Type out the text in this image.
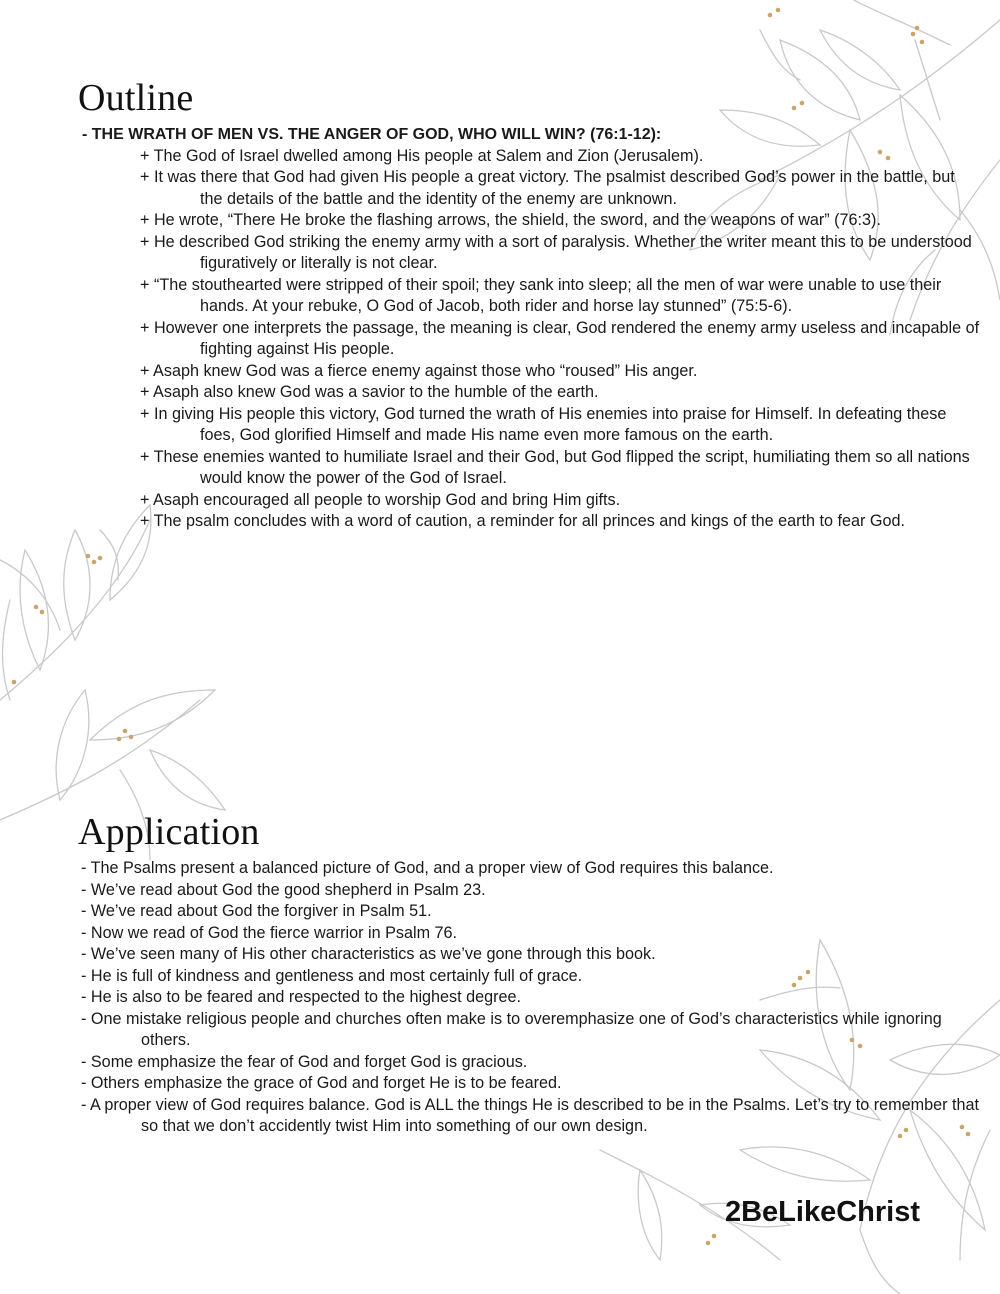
Outline
- THE WRATH OF MEN VS. THE ANGER OF GOD, WHO WILL WIN? (76:1-12):
+ The God of Israel dwelled among His people at Salem and Zion (Jerusalem).
+ It was there that God had given His people a great victory. The psalmist described God’s power in the battle, but the details of the battle and the identity of the enemy are unknown.
+ He wrote, “There He broke the flashing arrows, the shield, the sword, and the weapons of war” (76:3).
+ He described God striking the enemy army with a sort of paralysis. Whether the writer meant this to be understood figuratively or literally is not clear.
+ “The stouthearted were stripped of their spoil; they sank into sleep; all the men of war were unable to use their hands. At your rebuke, O God of Jacob, both rider and horse lay stunned” (75:5-6).
+ However one interprets the passage, the meaning is clear, God rendered the enemy army useless and incapable of fighting against His people.
+ Asaph knew God was a fierce enemy against those who “roused” His anger.
+ Asaph also knew God was a savior to the humble of the earth.
+ In giving His people this victory, God turned the wrath of His enemies into praise for Himself. In defeating these foes, God glorified Himself and made His name even more famous on the earth.
+ These enemies wanted to humiliate Israel and their God, but God flipped the script, humiliating them so all nations would know the power of the God of Israel.
+ Asaph encouraged all people to worship God and bring Him gifts.
+ The psalm concludes with a word of caution, a reminder for all princes and kings of the earth to fear God.
Application
- The Psalms present a balanced picture of God, and a proper view of God requires this balance.
- We’ve read about God the good shepherd in Psalm 23.
- We’ve read about God the forgiver in Psalm 51.
- Now we read of God the fierce warrior in Psalm 76.
- We’ve seen many of His other characteristics as we’ve gone through this book.
- He is full of kindness and gentleness and most certainly full of grace.
- He is also to be feared and respected to the highest degree.
- One mistake religious people and churches often make is to overemphasize one of God’s characteristics while ignoring others.
- Some emphasize the fear of God and forget God is gracious.
- Others emphasize the grace of God and forget He is to be feared.
- A proper view of God requires balance. God is ALL the things He is described to be in the Psalms. Let’s try to remember that so that we don’t accidently twist Him into something of our own design.
2BeLikeChrist
